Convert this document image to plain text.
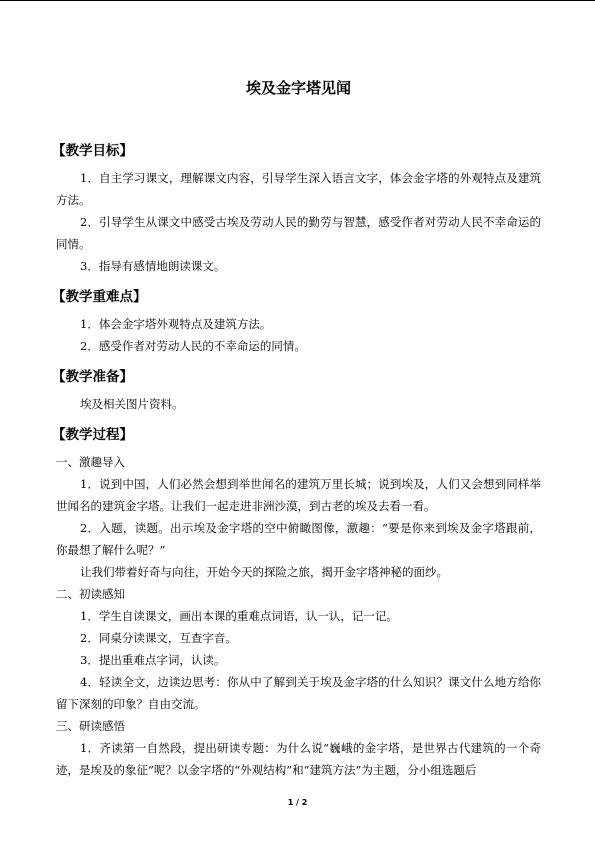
埃及金字塔见闻
【教学目标】

1．自主学习课文，理解课文内容，引导学生深入语言文字，体会金字塔的外观特点及建筑方法。

2．引导学生从课文中感受古埃及劳动人民的勤劳与智慧，感受作者对劳动人民不幸命运的同情。

3．指导有感情地朗读课文。

【教学重难点】

1．体会金字塔外观特点及建筑方法。

2．感受作者对劳动人民的不幸命运的同情。

【教学准备】

埃及相关图片资料。

【教学过程】

一、激趣导入

1．说到中国，人们必然会想到举世闻名的建筑万里长城；说到埃及，人们又会想到同样举世闻名的建筑金字塔。让我们一起走进非洲沙漠，到古老的埃及去看一看。

2．入题，读题。出示埃及金字塔的空中俯瞰图像，激趣：“要是你来到埃及金字塔跟前，你最想了解什么呢？”

让我们带着好奇与向往，开始今天的探险之旅，揭开金字塔神秘的面纱。

二、初读感知

1．学生自读课文，画出本课的重难点词语，认一认，记一记。

2．同桌分读课文，互查字音。

3．提出重难点字词，认读。

4．轻读全文，边读边思考：你从中了解到关于埃及金字塔的什么知识？课文什么地方给你留下深刻的印象？自由交流。

三、研读感悟

1．齐读第一自然段，提出研读专题：为什么说“巍峨的金字塔，是世界古代建筑的一个奇迹，是埃及的象征”呢？以金字塔的“外观结构”和“建筑方法”为主题，分小组选题后

1 / 2
